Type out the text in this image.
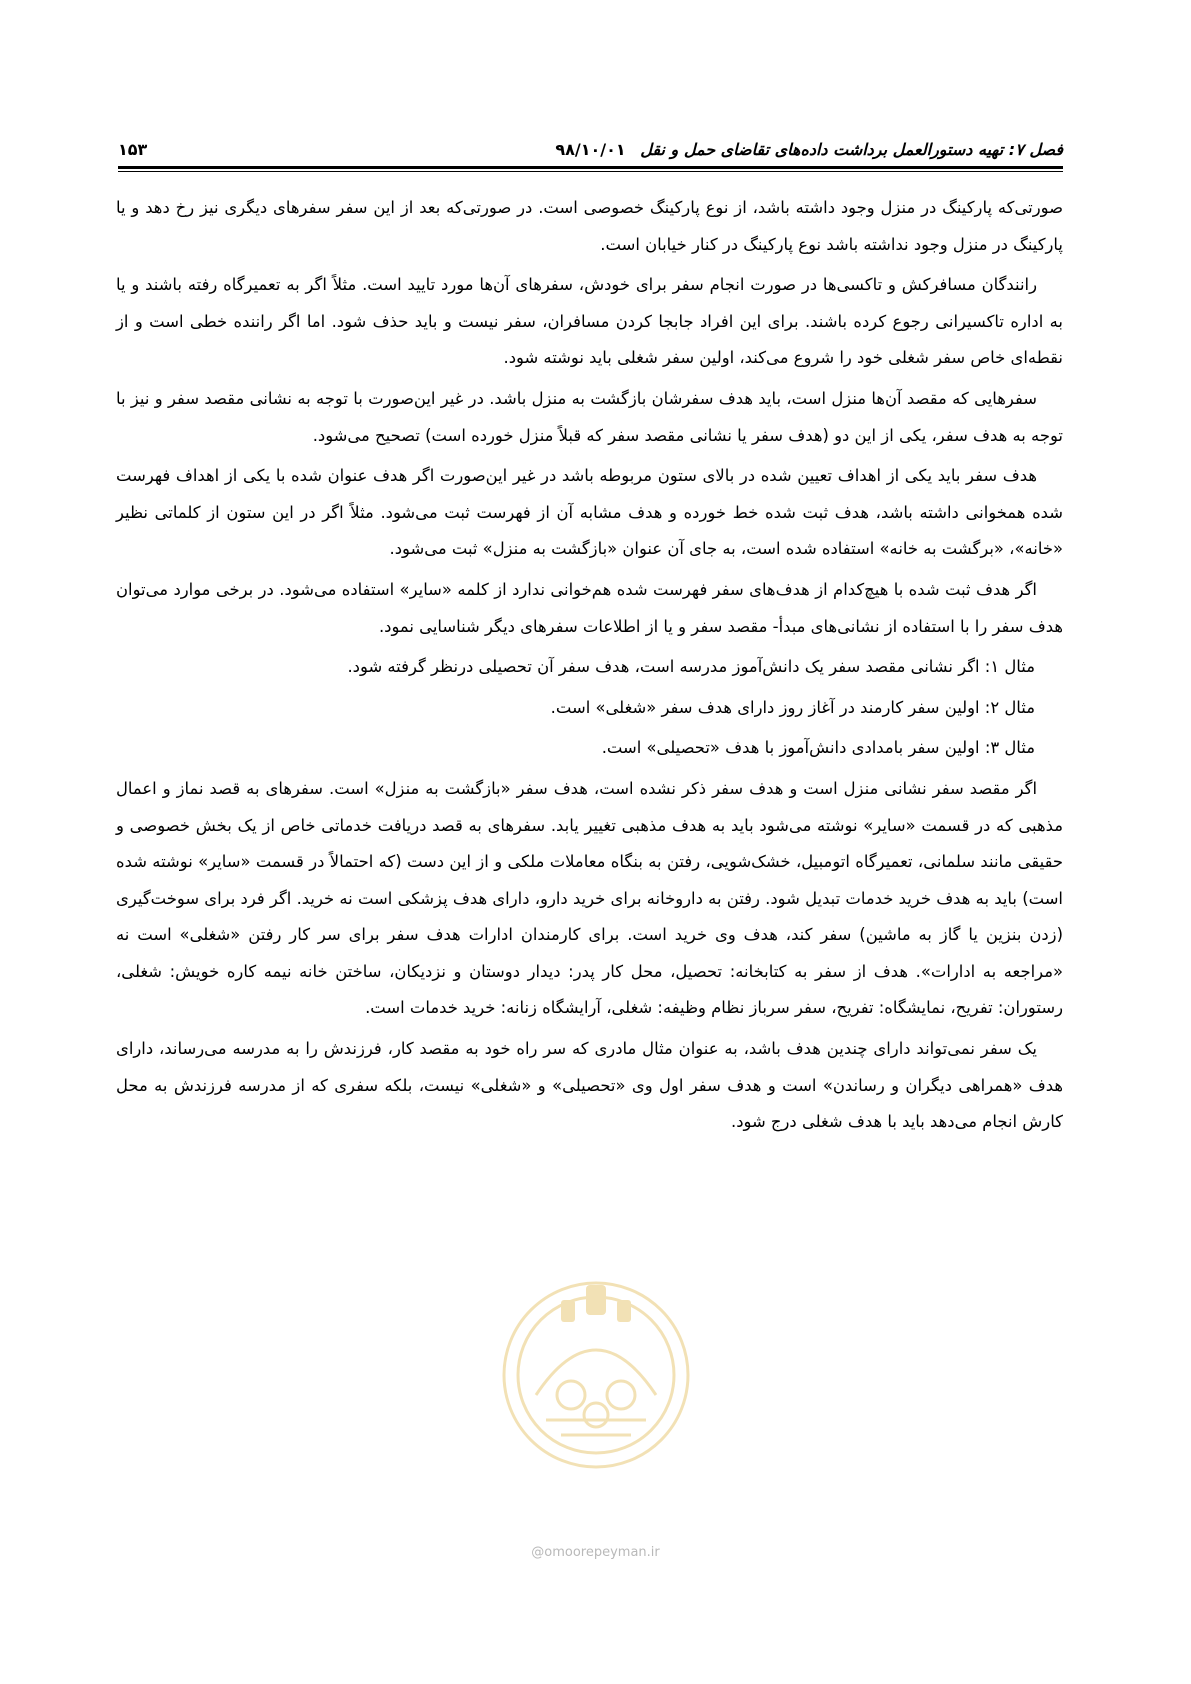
فصل ۷: تهیه دستورالعمل برداشت داده‌های تقاضای حمل و نقل
۹۸/۱۰/۰۱
۱۵۳

صورتی‌که پارکینگ در منزل وجود داشته باشد، از نوع پارکینگ خصوصی است. در صورتی‌که بعد از این سفر سفرهای دیگری نیز رخ دهد و یا پارکینگ در منزل وجود نداشته باشد نوع پارکینگ در کنار خیابان است.

رانندگان مسافرکش و تاکسی‌ها در صورت انجام سفر برای خودش، سفرهای آن‌ها مورد تایید است. مثلاً اگر به تعمیرگاه رفته باشند و یا به اداره تاکسیرانی رجوع کرده باشند. برای این افراد جابجا کردن مسافران، سفر نیست و باید حذف شود. اما اگر راننده خطی است و از نقطه‌ای خاص سفر شغلی خود را شروع می‌کند، اولین سفر شغلی باید نوشته شود.

سفرهایی که مقصد آن‌ها منزل است، باید هدف سفرشان بازگشت به منزل باشد. در غیر این‌صورت با توجه به نشانی مقصد سفر و نیز با توجه به هدف سفر، یکی از این دو (هدف سفر یا نشانی مقصد سفر که قبلاً منزل خورده است) تصحیح می‌شود.

هدف سفر باید یکی از اهداف تعیین شده در بالای ستون مربوطه باشد در غیر این‌صورت اگر هدف عنوان شده با یکی از اهداف فهرست شده همخوانی داشته باشد، هدف ثبت شده خط خورده و هدف مشابه آن از فهرست ثبت می‌شود. مثلاً اگر در این ستون از کلماتی نظیر «خانه»، «برگشت به خانه» استفاده شده است، به جای آن عنوان «بازگشت به منزل» ثبت می‌شود.

اگر هدف ثبت شده با هیچ‌کدام از هدف‌های سفر فهرست شده هم‌خوانی ندارد از کلمه «سایر» استفاده می‌شود. در برخی موارد می‌توان هدف سفر را با استفاده از نشانی‌های مبدأ- مقصد سفر و یا از اطلاعات سفرهای دیگر شناسایی نمود.

مثال ۱: اگر نشانی مقصد سفر یک دانش‌آموز مدرسه است، هدف سفر آن تحصیلی درنظر گرفته شود.

مثال ۲: اولین سفر کارمند در آغاز روز دارای هدف سفر «شغلی» است.

مثال ۳: اولین سفر بامدادی دانش‌آموز با هدف «تحصیلی» است.

اگر مقصد سفر نشانی منزل است و هدف سفر ذکر نشده است، هدف سفر «بازگشت به منزل» است. سفرهای به قصد نماز و اعمال مذهبی که در قسمت «سایر» نوشته می‌شود باید به هدف مذهبی تغییر یابد. سفرهای به قصد دریافت خدماتی خاص از یک بخش خصوصی و حقیقی مانند سلمانی، تعمیرگاه اتومبیل، خشک‌شویی، رفتن به بنگاه معاملات ملکی و از این دست (که احتمالاً در قسمت «سایر» نوشته شده است) باید به هدف خرید خدمات تبدیل شود. رفتن به داروخانه برای خرید دارو، دارای هدف پزشکی است نه خرید. اگر فرد برای سوخت‌گیری (زدن بنزین یا گاز به ماشین) سفر کند، هدف وی خرید است. برای کارمندان ادارات هدف سفر برای سر کار رفتن «شغلی» است نه «مراجعه به ادارات». هدف از سفر به کتابخانه: تحصیل، محل کار پدر: دیدار دوستان و نزدیکان، ساختن خانه نیمه کاره خویش: شغلی، رستوران: تفریح، نمایشگاه: تفریح، سفر سرباز نظام وظیفه: شغلی، آرایشگاه زنانه: خرید خدمات است.

یک سفر نمی‌تواند دارای چندین هدف باشد، به عنوان مثال مادری که سر راه خود به مقصد کار، فرزندش را به مدرسه می‌رساند، دارای هدف «همراهی دیگران و رساندن» است و هدف سفر اول وی «تحصیلی» و «شغلی» نیست، بلکه سفری که از مدرسه فرزندش به محل کارش انجام می‌دهد باید با هدف شغلی درج شود.

@omoorepeyman.ir
